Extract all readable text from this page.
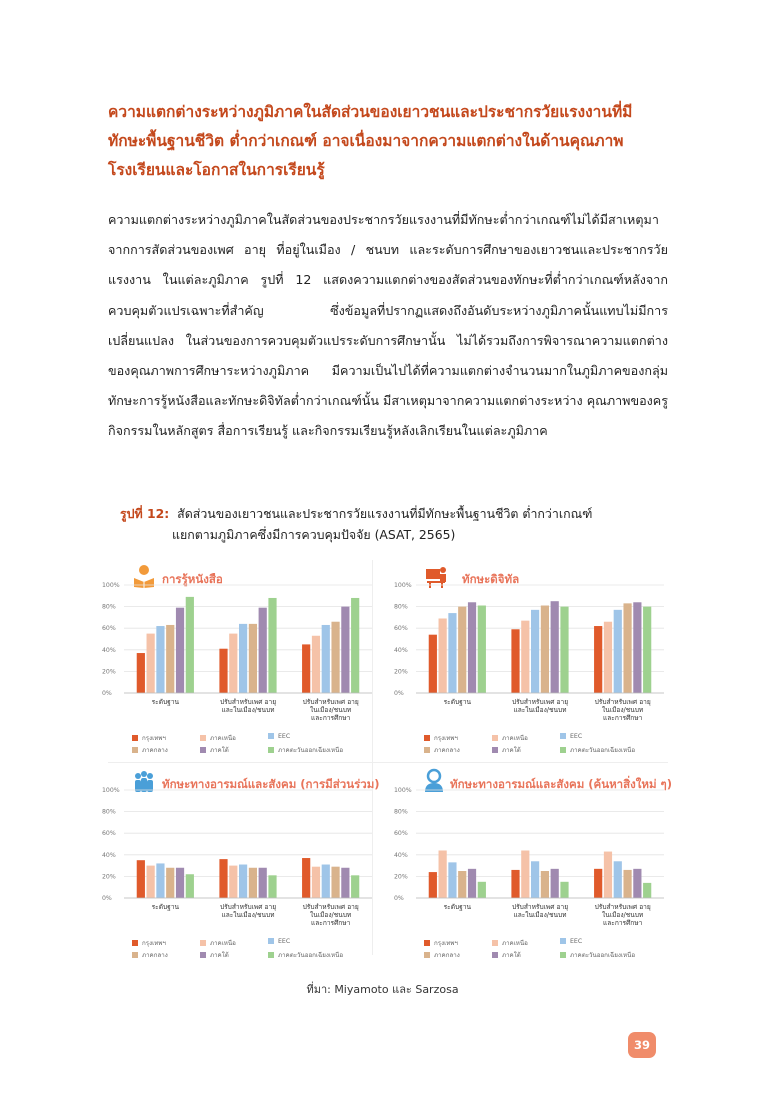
ความแตกต่างระหว่างภูมิภาคในสัดส่วนของเยาวชนและประชากรวัยแรงงานที่มีทักษะพื้นฐานชีวิต ต่ำกว่าเกณฑ์ อาจเนื่องมาจากความแตกต่างในด้านคุณภาพโรงเรียนและโอกาสในการเรียนรู้
ความแตกต่างระหว่างภูมิภาคในสัดส่วนของประชากรวัยแรงงานที่มีทักษะต่ำกว่าเกณฑ์ไม่ได้มีสาเหตุมาจากการสัดส่วนของเพศ อายุ ที่อยู่ในเมือง / ชนบท และระดับการศึกษาของเยาวชนและประชากรวัยแรงงาน ในแต่ละภูมิภาค รูปที่ 12 แสดงความแตกต่างของสัดส่วนของทักษะที่ต่ำกว่าเกณฑ์หลังจากควบคุมตัวแปรเฉพาะที่สำคัญ ซึ่งข้อมูลที่ปรากฏแสดงถึงอันดับระหว่างภูมิภาคนั้นแทบไม่มีการเปลี่ยนแปลง ในส่วนของการควบคุมตัวแปรระดับการศึกษานั้น ไม่ได้รวมถึงการพิจารณาความแตกต่างของคุณภาพการศึกษาระหว่างภูมิภาค มีความเป็นไปได้ที่ความแตกต่างจำนวนมากในภูมิภาคของกลุ่มทักษะการรู้หนังสือและทักษะดิจิทัลต่ำกว่าเกณฑ์นั้น มีสาเหตุมาจากความแตกต่างระหว่าง คุณภาพของครู กิจกรรมในหลักสูตร สื่อการเรียนรู้ และกิจกรรมเรียนรู้หลังเลิกเรียนในแต่ละภูมิภาค
รูปที่ 12: สัดส่วนของเยาวชนและประชากรวัยแรงงานที่มีทักษะพื้นฐานชีวิต ต่ำกว่าเกณฑ์
แยกตามภูมิภาคซึ่งมีการควบคุมปัจจัย (ASAT, 2565)
การรู้หนังสือ
0%
20%
40%
60%
80%
100%
ระดับฐาน	ปรับสำหรับเพศ อายุ
และในเมือง/ชนบท
ปรับสำหรับเพศ อายุ
ในเมือง/ชนบท
และการศึกษา
กรุงเทพฯ	ภาคเหนือ	EEC
ภาคกลาง	ภาคใต้	ภาคตะวันออกเฉียงเหนือ
ทักษะดิจิทัล
0%
20%
40%
60%
80%
100%
ระดับฐาน	ปรับสำหรับเพศ อายุ
และในเมือง/ชนบท
ปรับสำหรับเพศ อายุ
ในเมือง/ชนบท
และการศึกษา
กรุงเทพฯ	ภาคเหนือ	EEC
ภาคกลาง	ภาคใต้	ภาคตะวันออกเฉียงเหนือ
ทักษะทางอารมณ์และสังคม (การมีส่วนร่วม)
0%
20%
40%
60%
80%
100%
ระดับฐาน	ปรับสำหรับเพศ อายุ
และในเมือง/ชนบท
ปรับสำหรับเพศ อายุ
ในเมือง/ชนบท
และการศึกษา
กรุงเทพฯ	ภาคเหนือ	EEC
ภาคกลาง	ภาคใต้	ภาคตะวันออกเฉียงเหนือ
ทักษะทางอารมณ์และสังคม (ค้นหาสิ่งใหม่ ๆ)
0%
20%
40%
60%
80%
100%
ระดับฐาน	ปรับสำหรับเพศ อายุ
และในเมือง/ชนบท
ปรับสำหรับเพศ อายุ
ในเมือง/ชนบท
และการศึกษา
กรุงเทพฯ	ภาคเหนือ	EEC
ภาคกลาง	ภาคใต้	ภาคตะวันออกเฉียงเหนือ
ที่มา: Miyamoto และ Sarzosa
39
